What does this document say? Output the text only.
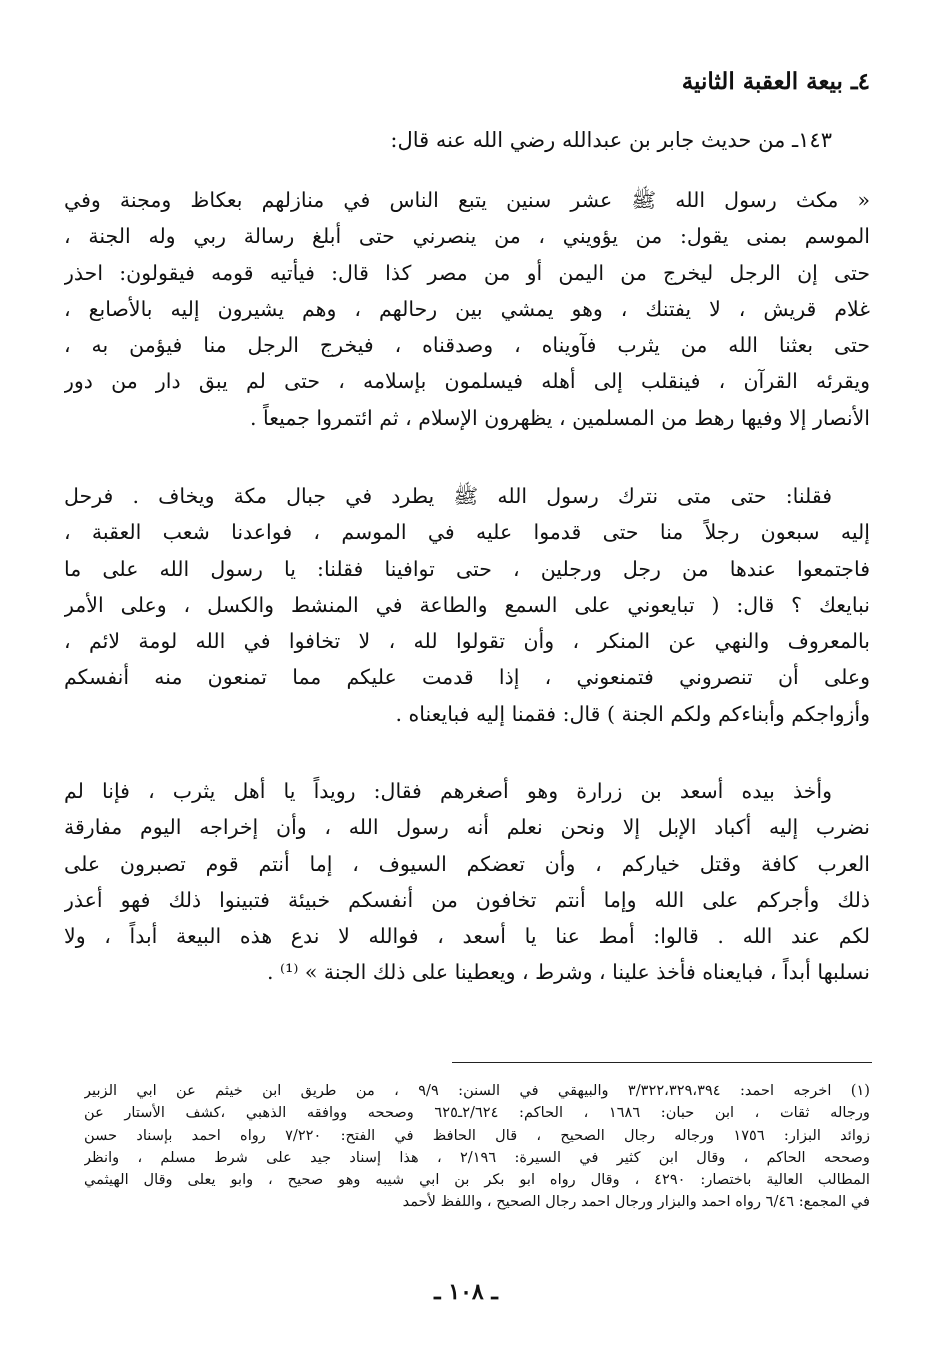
٤ـ بيعة العقبة الثانية
١٤٣ـ من حديث جابر بن عبدالله رضي الله عنه قال:
« مكث رسول الله ﷺ عشر سنين يتبع الناس في منازلهم بعكاظ ومجنة وفي
الموسم بمنى يقول: من يؤويني ، من ينصرني حتى أبلغ رسالة ربي وله الجنة ،
حتى إن الرجل ليخرج من اليمن أو من مصر كذا قال: فيأتيه قومه فيقولون: احذر
غلام قريش ، لا يفتنك ، وهو يمشي بين رحالهم ، وهم يشيرون إليه بالأصابع ،
حتى بعثنا الله من يثرب فآويناه ، وصدقناه ، فيخرج الرجل منا فيؤمن به ،
ويقرئه القرآن ، فينقلب إلى أهله فيسلمون بإسلامه ، حتى لم يبق دار من دور
الأنصار إلا وفيها رهط من المسلمين ، يظهرون الإسلام ، ثم ائتمروا جميعاً .
فقلنا: حتى متى نترك رسول الله ﷺ يطرد في جبال مكة ويخاف . فرحل
إليه سبعون رجلاً منا حتى قدموا عليه في الموسم ، فواعدنا شعب العقبة ،
فاجتمعوا عندها من رجل ورجلين ، حتى توافينا فقلنا: يا رسول الله على ما
نبايعك ؟ قال: ( تبايعوني على السمع والطاعة في المنشط والكسل ، وعلى الأمر
بالمعروف والنهي عن المنكر ، وأن تقولوا لله ، لا تخافوا في الله لومة لائم ،
وعلى أن تنصروني فتمنعوني ، إذا قدمت عليكم مما تمنعون منه أنفسكم
وأزواجكم وأبناءكم ولكم الجنة ) قال: فقمنا إليه فبايعناه .
وأخذ بيده أسعد بن زرارة وهو أصغرهم فقال: رويداً يا أهل يثرب ، فإنا لم
نضرب إليه أكباد الإبل إلا ونحن نعلم أنه رسول الله ، وأن إخراجه اليوم مفارقة
العرب كافة وقتل خياركم ، وأن تعضكم السيوف ، إما أنتم قوم تصبرون على
ذلك وأجركم على الله وإما أنتم تخافون من أنفسكم خبيئة فتبينوا ذلك فهو أعذر
لكم عند الله . قالوا: أمط عنا يا أسعد ، فوالله لا ندع هذه البيعة أبداً ، ولا
نسلبها أبداً ، فبايعناه فأخذ علينا ، وشرط ، ويعطينا على ذلك الجنة » ⁽¹⁾ .
(١) اخرجه احمد: ٣/٣٢٢،٣٢٩،٣٩٤ والبيهقي في السنن: ٩/٩ ، من طريق ابن خيثم عن ابي الزبير
ورجاله ثقات ، ابن حبان: ١٦٨٦ ، الحاكم: ٢/٦٢٤ـ٦٢٥ وصححه ووافقه الذهبي ،كشف الأستار عن
زوائد البزار: ١٧٥٦ ورجاله رجال الصحيح ، قال الحافظ في الفتح: ٧/٢٢٠ رواه احمد بإسناد حسن
وصححه الحاكم ، وقال ابن كثير في السيرة: ٢/١٩٦ ، هذا إسناد جيد على شرط مسلم ، وانظر
المطالب العالية باختصار: ٤٢٩٠ ، وقال رواه ابو بكر بن ابي شيبه وهو صحيح ، وابو يعلى وقال الهيثمي
في المجمع: ٦/٤٦ رواه احمد والبزار ورجال احمد رجال الصحيح ، واللفظ لأحمد
ـ ١٠٨ ـ
